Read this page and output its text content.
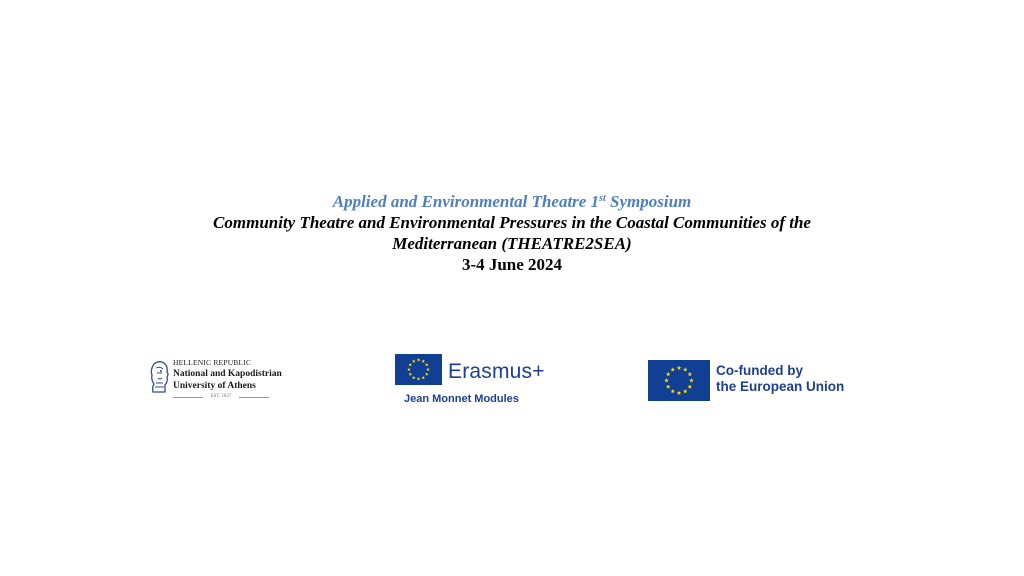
Applied and Environmental Theatre 1st Symposium
Community Theatre and Environmental Pressures in the Coastal Communities of the
Mediterranean (THEATRE2SEA)
3-4 June 2024
HELLENIC REPUBLIC
National and Kapodistrian
University of Athens
EST. 1837
Erasmus+
Jean Monnet Modules
Co-funded by
the European Union
